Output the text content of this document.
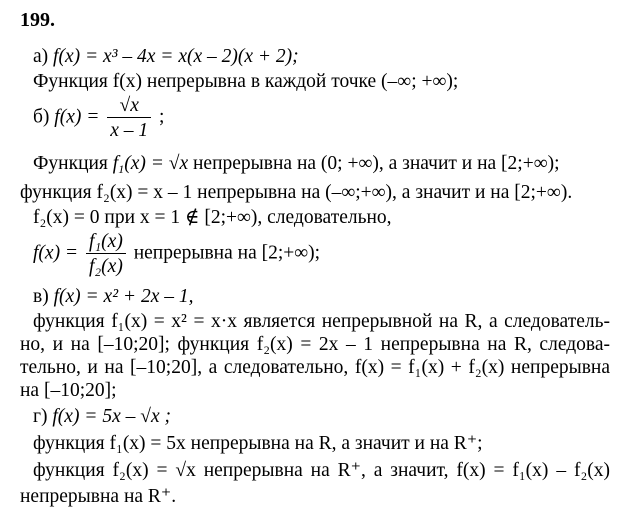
199.
а) f(x) = x³ – 4x = x(x – 2)(x + 2);
Функция f(x) непрерывна в каждой точке (–∞; +∞);
б) $f(x) = \frac{√x}{x - 1}$ ;
Функция $f_1(x) = √x$ непрерывна на (0; +∞), а значит и на [2;+∞);
функция f₂(x) = x – 1 непрерывна на (–∞;+∞), а значит и на [2;+∞).
f₂(x) = 0 при x = 1 ∉ [2;+∞), следовательно,
$f(x) = \frac{\text{f₁(x)}}{\text{f₂(x)}}$ непрерывна на [2;+∞);
в) f(x) = x² + 2x – 1,
функция f₁(x) = x² = x·x является непрерывной на R, а следователь-
но, и на [–10;20]; функция f₂(x) = 2x – 1 непрерывна на R, следова-
тельно, и на [–10;20], а следовательно, f(x) = f₁(x) + f₂(x) непрерывна
на [–10;20];
г) f(x) = 5x – √x ;
функция f₁(x) = 5x непрерывна на R, а значит и на R⁺;
функция f₂(x) = √x непрерывна на R⁺, а значит, f(x) = f₁(x) – f₂(x)
непрерывна на R⁺.
